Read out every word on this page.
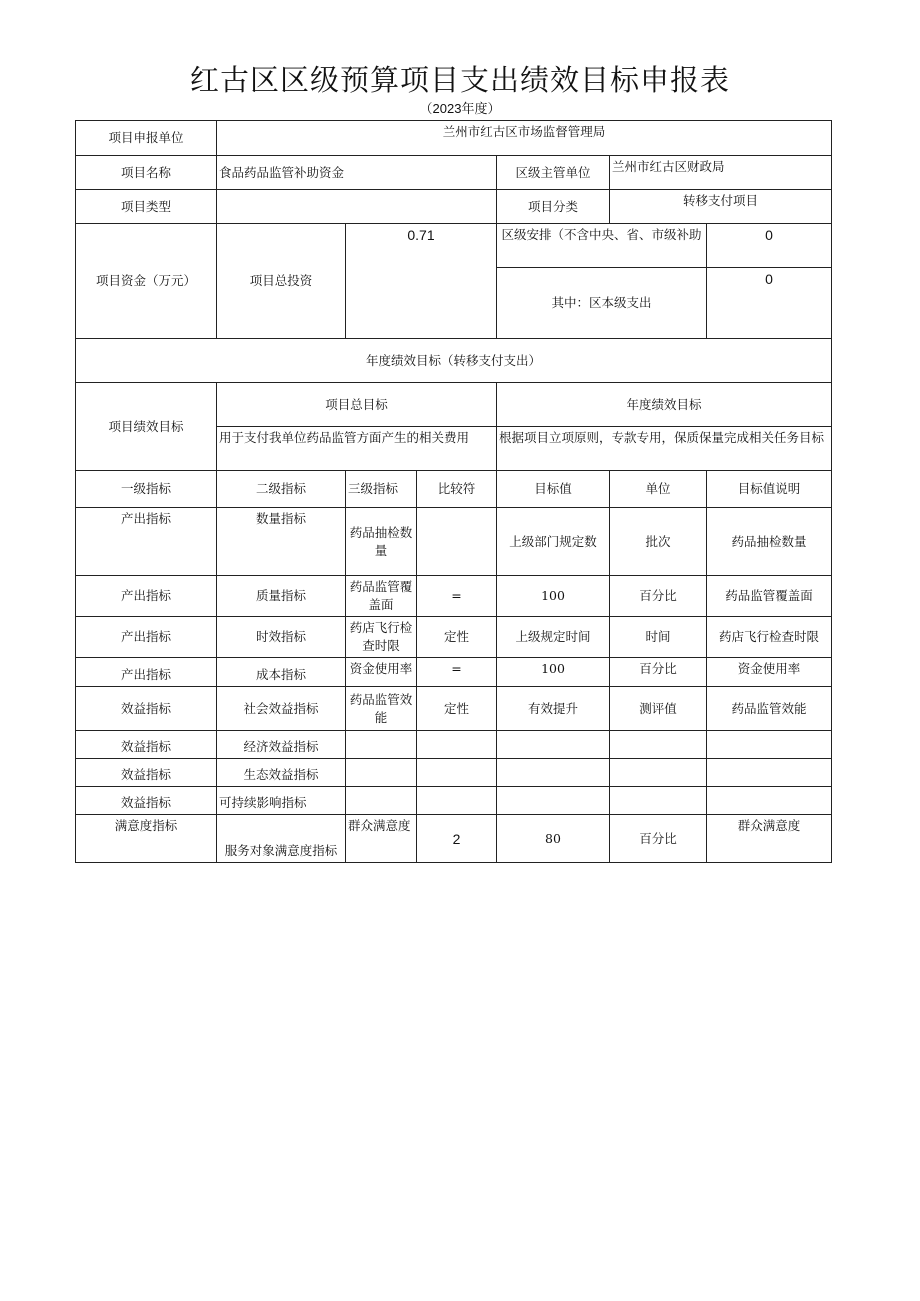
红古区区级预算项目支出绩效目标申报表
（2023年度）
项目申报单位	兰州市红古区市场监督管理局					
项目名称	食品药品监管补助资金			区级主管单位	兰州市红古区财政局	
项目类型				项目分类	转移支付项目	
项目资金（万元）	项目总投资	0.71		区级安排（不含中央、省、市级补助		0
				其中：区本级支出		0
年度绩效目标（转移支付支出）						
项目绩效目标	项目总目标			年度绩效目标		
	用于支付我单位药品监管方面产生的相关费用			根据项目立项原则，专款专用，保质保量完成相关任务目标		
一级指标	二级指标	三级指标	比较符	目标值	单位	目标值说明
产出指标	数量指标	药品抽检数量		上级部门规定数	批次	药品抽检数量
产出指标	质量指标	药品监管覆盖面	=	100	百分比	药品监管覆盖面
产出指标	时效指标	药店飞行检查时限	定性	上级规定时间	时间	药店飞行检查时限
产出指标	成本指标	资金使用率	=	100	百分比	资金使用率
效益指标	社会效益指标	药品监管效能	定性	有效提升	测评值	药品监管效能
效益指标	经济效益指标					
效益指标	生态效益指标					
效益指标	可持续影响指标					
满意度指标	服务对象满意度指标	群众满意度	2	80	百分比	群众满意度
